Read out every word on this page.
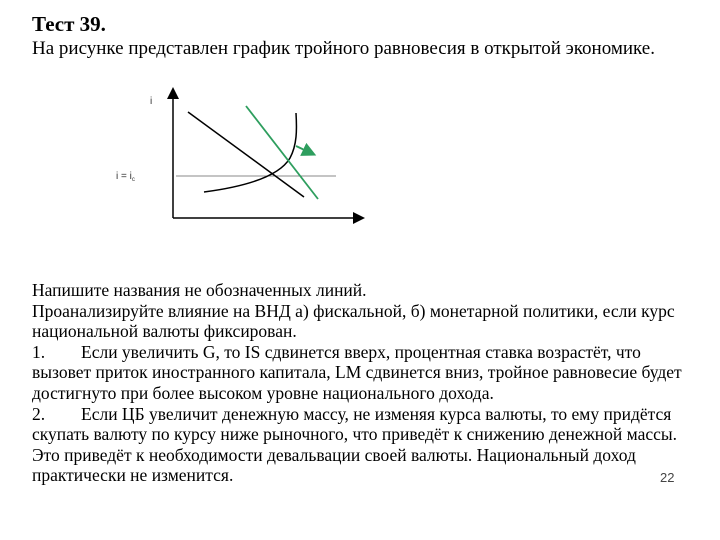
Тест 39.
На рисунке представлен график тройного равновесия в открытой экономике.
i
$i = i_c$

Напишите названия не обозначенных линий.

Проанализируйте влияние на ВНД а) фискальной, б) монетарной политики, если курс национальной валюты фиксирован.

1. Если увеличить G, то IS сдвинется вверх, процентная ставка возрастёт, что вызовет приток иностранного капитала, LM сдвинется вниз, тройное равновесие будет достигнуто при более высоком уровне национального дохода.

2. Если ЦБ увеличит денежную массу, не изменяя курса валюты, то ему придётся скупать валюту по курсу ниже рыночного, что приведёт к снижению денежной массы. Это приведёт к необходимости девальвации своей валюты. Национальный доход практически не изменится.	22
